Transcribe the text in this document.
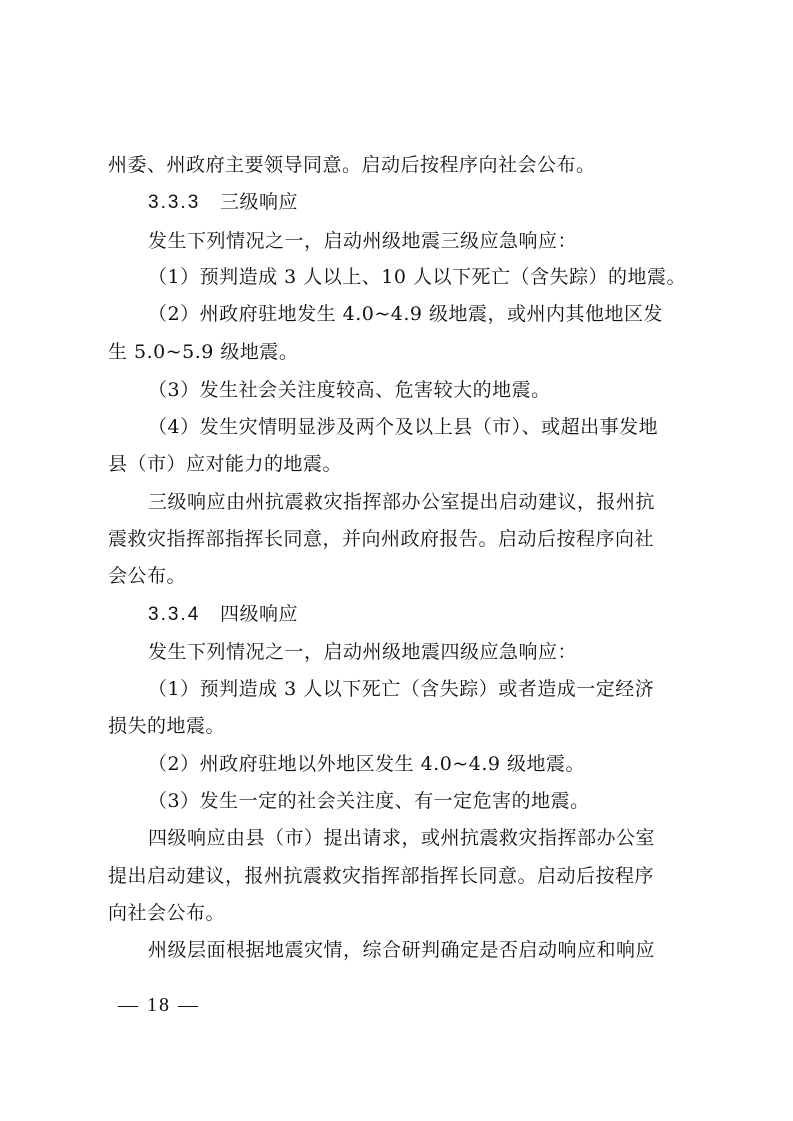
州委、州政府主要领导同意。启动后按程序向社会公布。
3.3.3 三级响应
发生下列情况之一，启动州级地震三级应急响应：
（1）预判造成 3 人以上、10 人以下死亡（含失踪）的地震。
（2）州政府驻地发生 4.0~4.9 级地震，或州内其他地区发
生 5.0~5.9 级地震。
（3）发生社会关注度较高、危害较大的地震。
（4）发生灾情明显涉及两个及以上县（市）、或超出事发地
县（市）应对能力的地震。
三级响应由州抗震救灾指挥部办公室提出启动建议，报州抗
震救灾指挥部指挥长同意，并向州政府报告。启动后按程序向社
会公布。
3.3.4 四级响应
发生下列情况之一，启动州级地震四级应急响应：
（1）预判造成 3 人以下死亡（含失踪）或者造成一定经济
损失的地震。
（2）州政府驻地以外地区发生 4.0~4.9 级地震。
（3）发生一定的社会关注度、有一定危害的地震。
四级响应由县（市）提出请求，或州抗震救灾指挥部办公室
提出启动建议，报州抗震救灾指挥部指挥长同意。启动后按程序
向社会公布。
州级层面根据地震灾情，综合研判确定是否启动响应和响应
— 18 —
